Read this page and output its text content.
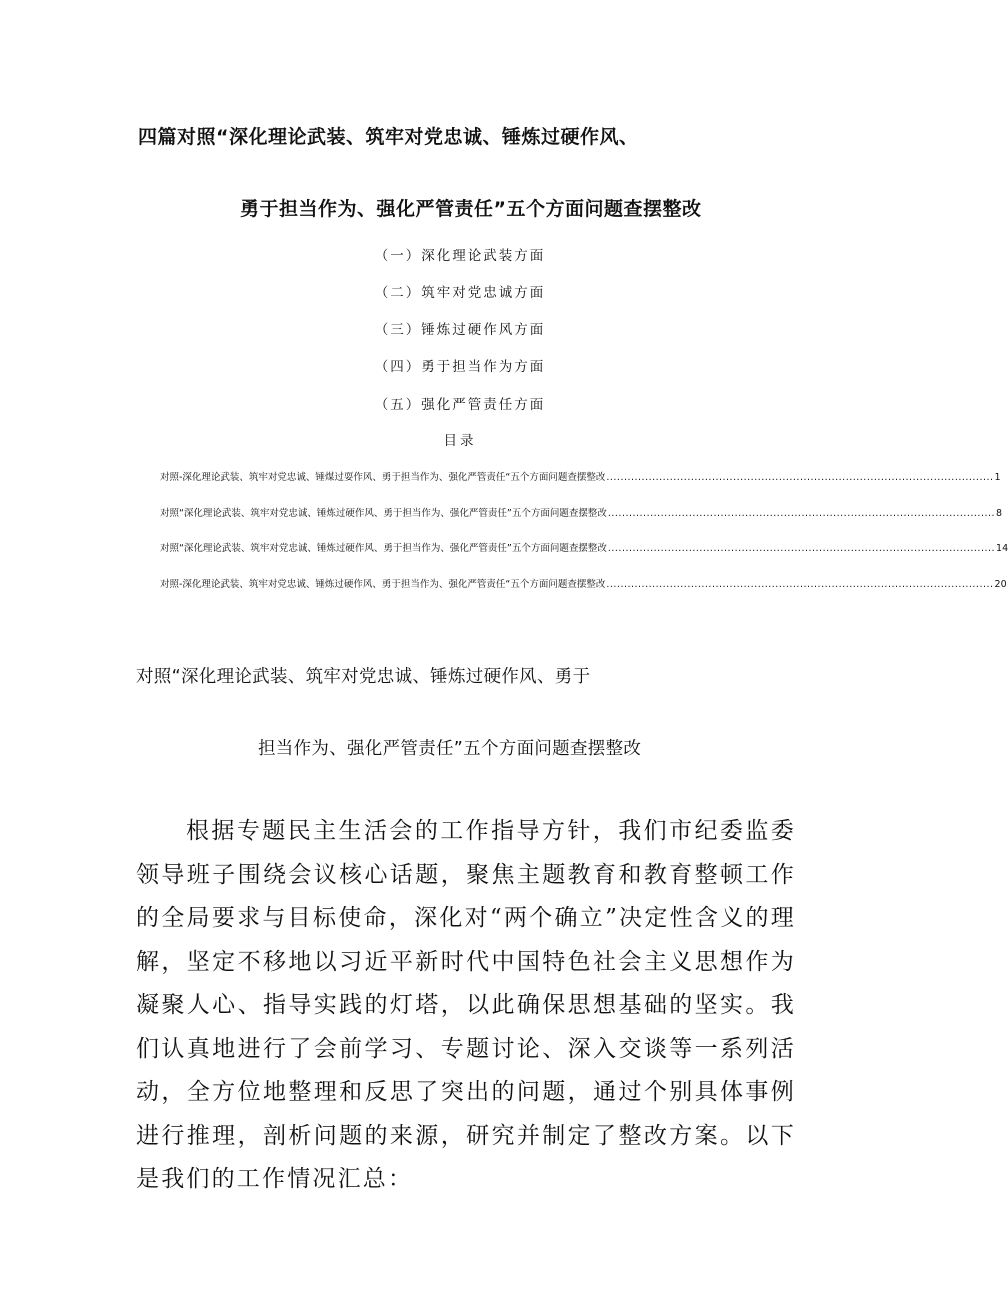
四篇对照“深化理论武装、筑牢对党忠诚、锤炼过硬作风、
勇于担当作为、强化严管责任”五个方面问题查摆整改
（一）深化理论武装方面
（二）筑牢对党忠诚方面
（三）锤炼过硬作风方面
（四）勇于担当作为方面
（五）强化严管责任方面
目录
对照-深化理论武装、筑牢对党忠诚、锤煤过耍作风、勇于担当作为、强化严管责任“五个方面问题查摆整改 .............................................................................................................. 1
对照“深化理论武装、筑牢对党忠诚、锤炼过硬作风、勇于担当作为、强化严管责任”五个方面问题查摆整改 .............................................................................................................. 8
对照“深化理论武装、筑牢对党忠诚、锤炼过硬作风、勇于担当作为、强化严管责任”五个方面问题查摆整改 .............................................................................................................. 14
对照-深化理论武装、筑牢对党忠诚、锤炼过硬作风、勇于担当作为、强化严管责任“五个方面问题查摆整改 .............................................................................................................. 20
对照“深化理论武装、筑牢对党忠诚、锤炼过硬作风、勇于
担当作为、强化严管责任”五个方面问题查摆整改

根据专题民主生活会的工作指导方针，我们市纪委监委领导班子围绕会议核心话题，聚焦主题教育和教育整顿工作的全局要求与目标使命，深化对“两个确立”决定性含义的理解，坚定不移地以习近平新时代中国特色社会主义思想作为凝聚人心、指导实践的灯塔，以此确保思想基础的坚实。我们认真地进行了会前学习、专题讨论、深入交谈等一系列活动，全方位地整理和反思了突出的问题，通过个别具体事例进行推理，剖析问题的来源，研究并制定了整改方案。以下是我们的工作情况汇总：
